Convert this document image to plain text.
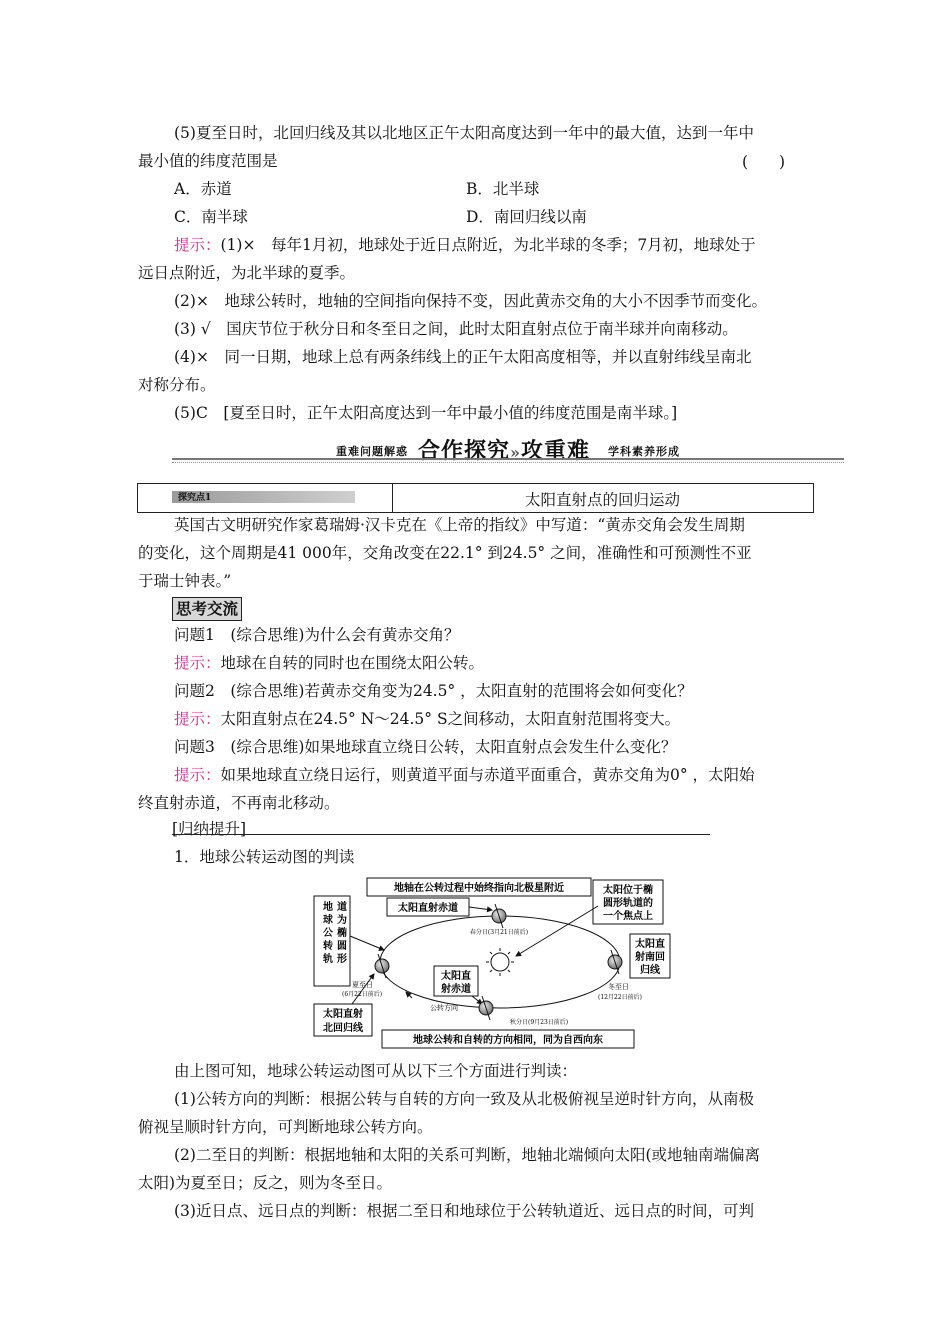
(5)夏至日时，北回归线及其以北地区正午太阳高度达到一年中的最大值，达到一年中
最小值的纬度范围是	(　　)
A．赤道	B．北半球
C．南半球	D．南回归线以南
提示：(1)×　每年1月初，地球处于近日点附近，为北半球的冬季；7月初，地球处于
远日点附近，为北半球的夏季。
(2)×　地球公转时，地轴的空间指向保持不变，因此黄赤交角的大小不因季节而变化。
(3) √　国庆节位于秋分日和冬至日之间，此时太阳直射点位于南半球并向南移动。
(4)×　同一日期，地球上总有两条纬线上的正午太阳高度相等，并以直射纬线呈南北
对称分布。
(5)C　[夏至日时，正午太阳高度达到一年中最小值的纬度范围是南半球。]
重难问题解惑 合作探究»攻重难 学科素养形成
探究点1	太阳直射点的回归运动
英国古文明研究作家葛瑞姆·汉卡克在《上帝的指纹》中写道：“黄赤交角会发生周期
的变化，这个周期是41 000年，交角改变在22.1° 到24.5° 之间，准确性和可预测性不亚
于瑞士钟表。”
思考交流
问题1　(综合思维)为什么会有黄赤交角？
提示：地球在自转的同时也在围绕太阳公转。
问题2　(综合思维)若黄赤交角变为24.5° ，太阳直射的范围将会如何变化？
提示：太阳直射点在24.5° N～24.5° S之间移动，太阳直射范围将变大。
问题3　(综合思维)如果地球直立绕日公转，太阳直射点会发生什么变化？
提示：如果地球直立绕日运行，则黄道平面与赤道平面重合，黄赤交角为0° ，太阳始
终直射赤道，不再南北移动。
[归纳提升]
1．地球公转运动图的判读
地轴在公转过程中始终指向北极星附近
太阳直射赤道
春分日(3月21日前后)
太阳位于椭
圆形轨道的
一个焦点上
地
球
公
转
轨
道
为
椭
圆
形
夏至日
(6月22日前后)
冬至日
(12月22日前后)
太阳直
射南回
归线
太阳直
射赤道
秋分日(9月23日前后)
公转方向
太阳直射
北回归线
地球公转和自转的方向相同，同为自西向东
由上图可知，地球公转运动图可从以下三个方面进行判读：
(1)公转方向的判断：根据公转与自转的方向一致及从北极俯视呈逆时针方向，从南极
俯视呈顺时针方向，可判断地球公转方向。
(2)二至日的判断：根据地轴和太阳的关系可判断，地轴北端倾向太阳(或地轴南端偏离
太阳)为夏至日；反之，则为冬至日。
(3)近日点、远日点的判断：根据二至日和地球位于公转轨道近、远日点的时间，可判
